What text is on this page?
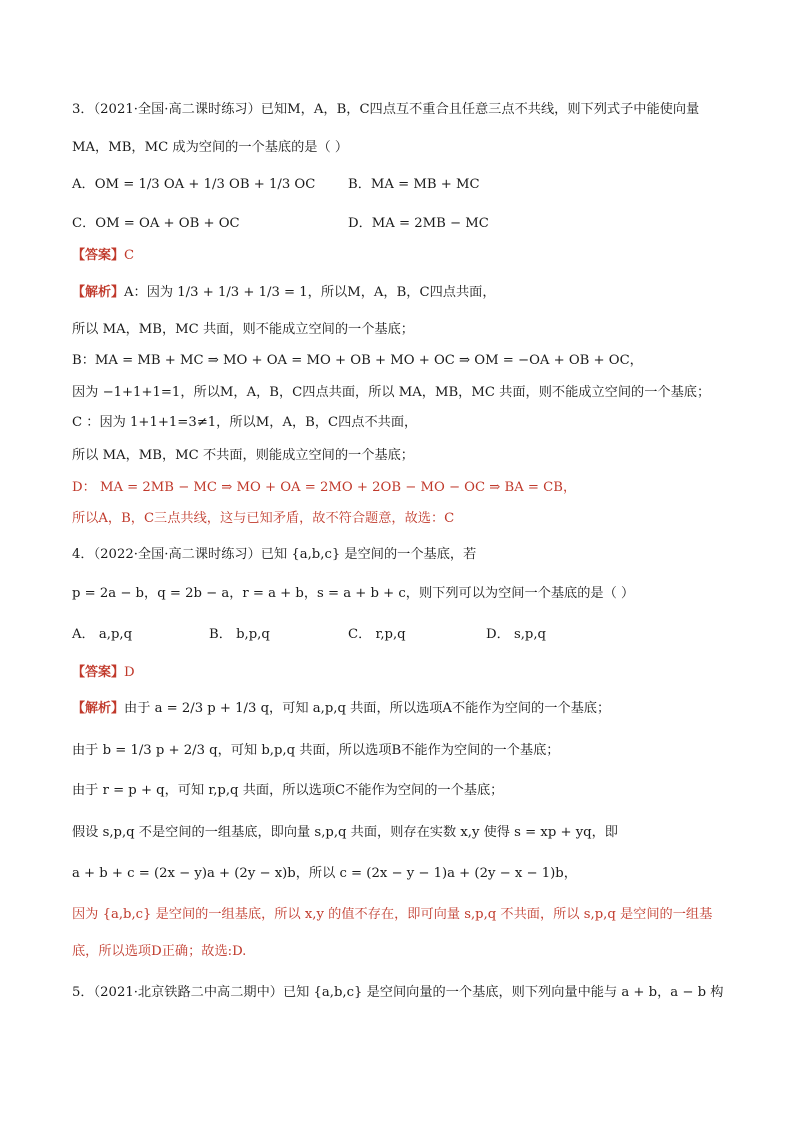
3．（2021·全国·高二课时练习）已知M，A，B，C四点互不重合且任意三点不共线，则下列式子中能使向量
MA，MB，MC 成为空间的一个基底的是（ ）
A．OM = 1/3 OA + 1/3 OB + 1/3 OC B．MA = MB + MC
C．OM = OA + OB + OC	D．MA = 2MB − MC
【答案】C
【解析】A：因为 1/3 + 1/3 + 1/3 = 1，所以M，A，B，C四点共面，
所以 MA，MB，MC 共面，则不能成立空间的一个基底；
B：MA = MB + MC ⇒ MO + OA = MO + OB + MO + OC ⇒ OM = −OA + OB + OC，
因为 −1+1+1=1，所以M，A，B，C四点共面，所以 MA，MB，MC 共面，则不能成立空间的一个基底；
C ：因为 1+1+1=3≠1，所以M，A，B，C四点不共面，
所以 MA，MB，MC 不共面，则能成立空间的一个基底；
D： MA = 2MB − MC ⇒ MO + OA = 2MO + 2OB − MO − OC ⇒ BA = CB，
所以A，B，C三点共线，这与已知矛盾，故不符合题意，故选：C
4．（2022·全国·高二课时练习）已知 {a,b,c} 是空间的一个基底，若
p = 2a − b，q = 2b − a，r = a + b，s = a + b + c，则下列可以为空间一个基底的是（ ）
A． a,p,q	B． b,p,q	C． r,p,q	D． s,p,q
【答案】D
【解析】由于 a = 2/3 p + 1/3 q，可知 a,p,q 共面，所以选项A不能作为空间的一个基底；
由于 b = 1/3 p + 2/3 q，可知 b,p,q 共面，所以选项B不能作为空间的一个基底；
由于 r = p + q，可知 r,p,q 共面，所以选项C不能作为空间的一个基底；
假设 s,p,q 不是空间的一组基底，即向量 s,p,q 共面，则存在实数 x,y 使得 s = xp + yq，即
a + b + c = (2x − y)a + (2y − x)b，所以 c = (2x − y − 1)a + (2y − x − 1)b，
因为 {a,b,c} 是空间的一组基底，所以 x,y 的值不存在，即可向量 s,p,q 不共面，所以 s,p,q 是空间的一组基
底，所以选项D正确；故选:D.
5．（2021·北京铁路二中高二期中）已知 {a,b,c} 是空间向量的一个基底，则下列向量中能与 a + b，a − b 构
